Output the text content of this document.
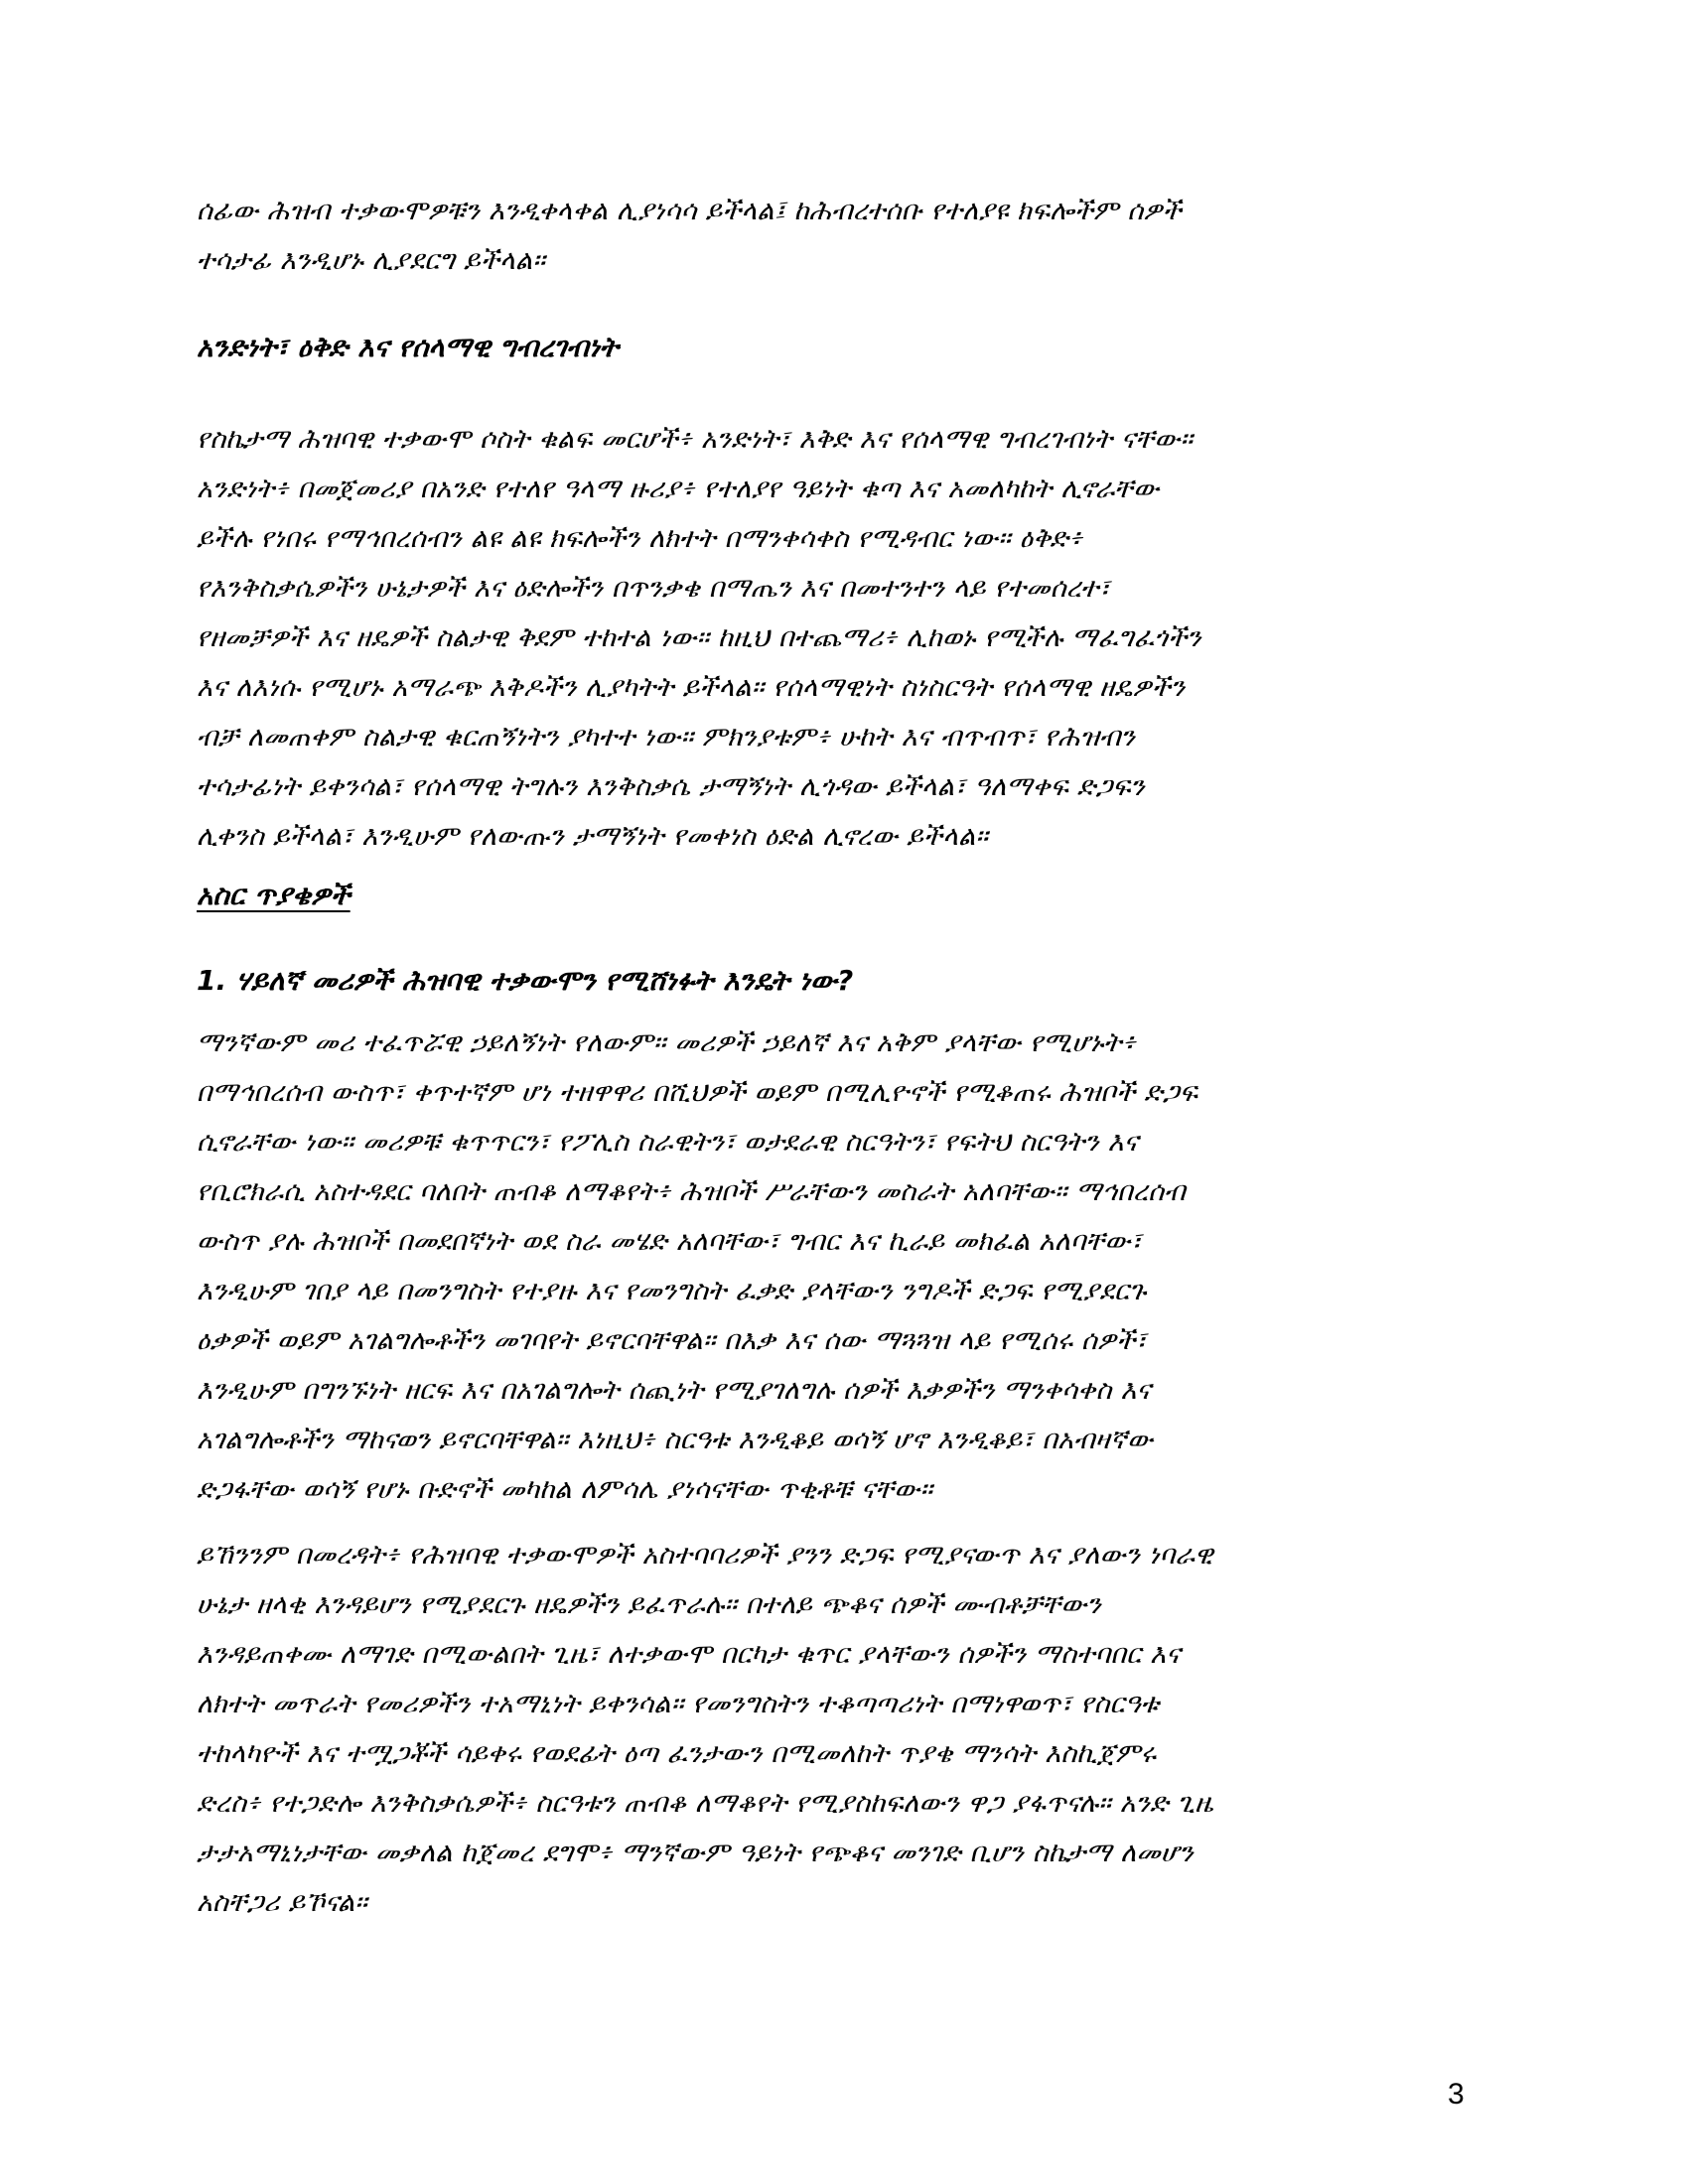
ሰፊው ሕዝብ ተቃውሞዎቹን እንዲቀላቀል ሊያነሳሳ ይችላል፤ ከሕብረተሰቡ የተለያዩ ክፍሎችም ሰዎች
ተሳታፊ እንዲሆኑ ሊያደርግ ይችላል።

አንድነት፣ ዕቅድ እና የሰላማዊ ግብረገብነት

የስኬታማ ሕዝባዊ ተቃውሞ ሶስት ቁልፍ መርሆች፥ አንድነት፣ እቅድ እና የሰላማዊ ግብረገብነት ናቸው።
አንድነት፥ በመጀመሪያ በአንድ የተለየ ዓላማ ዙሪያ፥ የተለያየ ዓይነት ቁጣ እና አመለካከት ሊኖራቸው
ይችሉ የነበሩ የማኅበረሰብን ልዩ ልዩ ክፍሎችን ለክተት በማንቀሳቀስ የሚዳብር ነው። ዕቅድ፥
የእንቅስቃሴዎችን ሁኔታዎች እና ዕድሎችን በጥንቃቄ በማጤን እና በመተንተን ላይ የተመሰረተ፣
የዘመቻዎች እና ዘዴዎች ስልታዊ ቅደም ተከተል ነው። ከዚህ በተጨማሪ፥ ሊከወኑ የሚችሉ ማፈግፈጎችን
እና ለእነሱ የሚሆኑ አማራጭ እቅዶችን ሊያካትት ይችላል። የሰላማዊነት ስነስርዓት የሰላማዊ ዘዴዎችን
ብቻ ለመጠቀም ስልታዊ ቁርጠኝነትን ያካተተ ነው። ምክንያቱም፥ ሁከት እና ብጥብጥ፣ የሕዝብን
ተሳታፊነት ይቀንሳል፣ የሰላማዊ ትግሉን እንቅስቃሴ ታማኝነት ሊጎዳው ይችላል፣ ዓለማቀፍ ድጋፍን
ሊቀንስ ይችላል፣ እንዲሁም የለውጡን ታማኝነት የመቀነስ ዕድል ሊኖረው ይችላል።

አስር ጥያቄዎች
1. ሃይለኛ መሪዎች ሕዝባዊ ተቃውሞን የሚሸነፉት እንዴት ነው?

ማንኛውም መሪ ተፈጥሯዊ ኃይለኝነት የለውም። መሪዎች ኃይለኛ እና አቅም ያላቸው የሚሆኑት፥
በማኅበረሰብ ውስጥ፣ ቀጥተኛም ሆነ ተዘዋዋሪ በሺህዎች ወይም በሚሊዮኖች የሚቆጠሩ ሕዝቦች ድጋፍ
ሲኖራቸው ነው። መሪዎቹ ቁጥጥርን፣ የፖሊስ ስራዊትን፣ ወታደራዊ ስርዓትን፣ የፍትህ ስርዓትን እና
የቢሮክራሲ አስተዳደር ባለበት ጠብቆ ለማቆየት፥ ሕዝቦች ሥራቸውን መስራት አለባቸው። ማኅበረሰብ
ውስጥ ያሉ ሕዝቦች በመደበኛነት ወደ ስራ መሄድ አለባቸው፣ ግብር እና ኪራይ መክፈል አለባቸው፣
እንዲሁም ገበያ ላይ በመንግስት የተያዙ እና የመንግስት ፈቃድ ያላቸውን ንግዶች ድጋፍ የሚያደርጉ
ዕቃዎች ወይም አገልግሎቶችን መገባየት ይኖርባቸዋል። በእቃ እና ሰው ማጓጓዝ ላይ የሚሰሩ ሰዎች፣
እንዲሁም በግንኙነት ዘርፍ እና በአገልግሎት ሰጪነት የሚያገለግሉ ሰዎች እቃዎችን ማንቀሳቀስ እና
አገልግሎቶችን ማከናወን ይኖርባቸዋል። እነዚህ፥ ስርዓቱ እንዲቆይ ወሳኝ ሆኖ እንዲቆይ፣ በአብዛኛው
ድጋፋቸው ወሳኝ የሆኑ ቡድኖች መካከል ለምሳሌ ያነሳናቸው ጥቂቶቹ ናቸው።

ይኸንንም በመረዳት፥ የሕዝባዊ ተቃውሞዎች አስተባባሪዎች ያንን ድጋፍ የሚያናውጥ እና ያለውን ነባራዊ
ሁኔታ ዘላቂ እንዳይሆን የሚያደርጉ ዘዴዎችን ይፈጥራሉ። በተለይ ጭቆና ሰዎች ሙብቶቻቸውን
እንዳይጠቀሙ ለማገድ በሚውልበት ጊዜ፣ ለተቃውሞ በርካታ ቁጥር ያላቸውን ሰዎችን ማስተባበር እና
ለክተት መጥራት የመሪዎችን ተአማኒነት ይቀንሳል። የመንግስትን ተቆጣጣሪነት በማነዋወጥ፣ የስርዓቱ
ተከላካዮች እና ተሟጋቾች ሳይቀሩ የወደፊት ዕጣ ፈንታውን በሚመለከት ጥያቄ ማንሳት እስኪጀምሩ
ድረስ፥ የተጋድሎ እንቅስቃሴዎች፥ ስርዓቱን ጠብቆ ለማቆየት የሚያስከፍለውን ዋጋ ያፋጥናሉ። አንድ ጊዜ
ታታአማኒነታቸው መቃለል ከጀመረ ደግሞ፥ ማንኛውም ዓይነት የጭቆና መንገድ ቢሆን ስኬታማ ለመሆን
አስቸጋሪ ይኾናል።

3
